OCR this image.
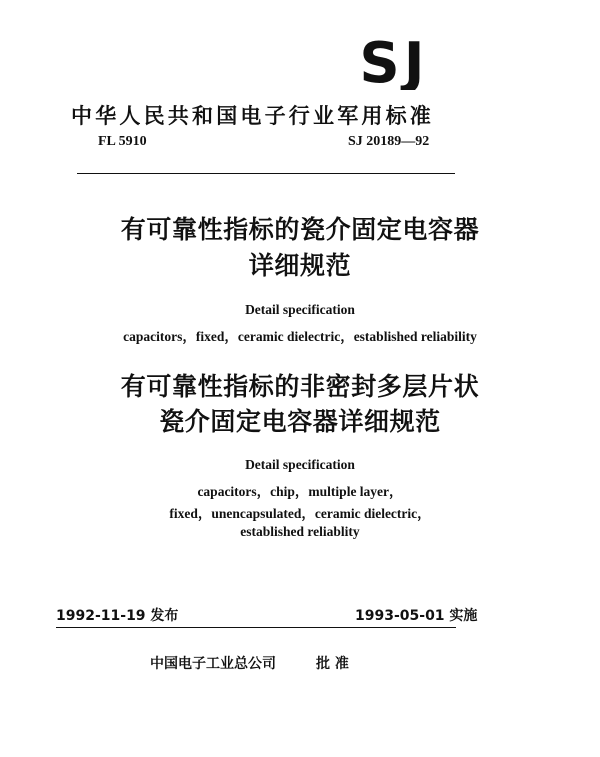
SJ
中华人民共和国电子行业军用标准
FL 5910	SJ 20189—92
有可靠性指标的瓷介固定电容器
详细规范
Detail specification
capacitors，fixed，ceramic dielectric，established reliability
有可靠性指标的非密封多层片状
瓷介固定电容器详细规范
Detail specification
capacitors，chip，multiple layer，
fixed，unencapsulated，ceramic dielectric，
established reliablity
1992-11-19 发布	1993-05-01 实施
中国电子工业总公司	批 准
